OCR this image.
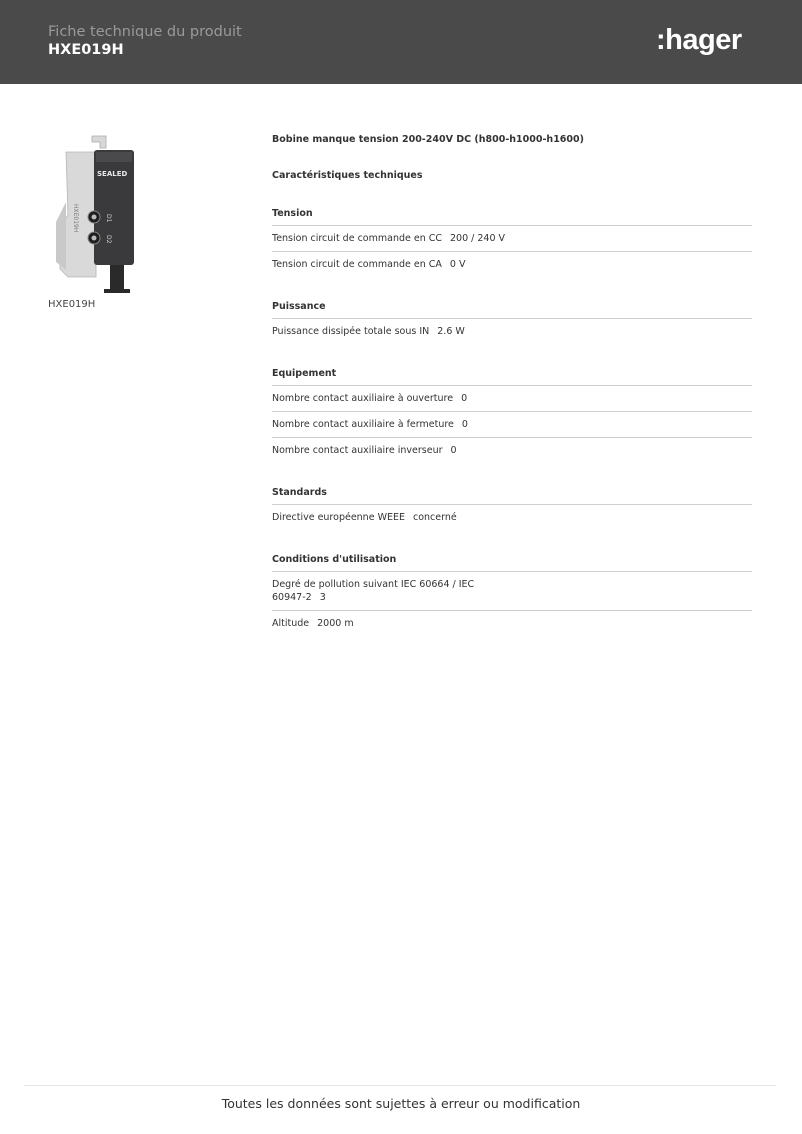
Fiche technique du produit
HXE019H	:hager
HXE019H
SEALED
D1
D2
HXE019H
Bobine manque tension 200-240V DC (h800-h1000-h1600)
Caractéristiques techniques
Tension
Tension circuit de commande en CC 200 / 240 V
Tension circuit de commande en CA 0 V
Puissance
Puissance dissipée totale sous IN 2.6 W
Equipement
Nombre contact auxiliaire à ouverture 0
Nombre contact auxiliaire à fermeture 0
Nombre contact auxiliaire inverseur 0
Standards
Directive européenne WEEE concerné
Conditions d'utilisation
Degré de pollution suivant IEC 60664 / IEC 60947-2 3
Altitude 2000 m
Toutes les données sont sujettes à erreur ou modification
